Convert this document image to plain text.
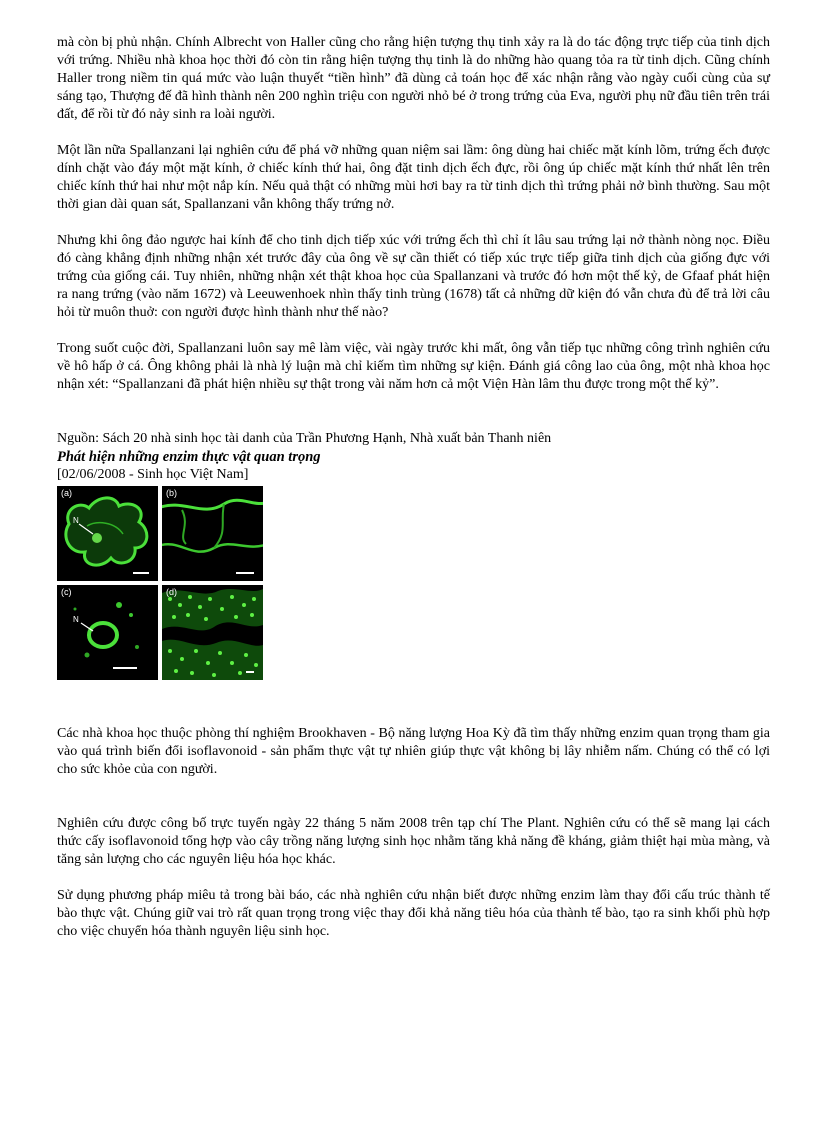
mà còn bị phủ nhận. Chính Albrecht von Haller cũng cho rằng hiện tượng thụ tinh xảy ra là do tác động trực tiếp của tinh dịch với trứng. Nhiều nhà khoa học thời đó còn tin rằng hiện tượng thụ tinh là do những hào quang tỏa ra từ tinh dịch. Cũng chính Haller trong niềm tin quá mức vào luận thuyết “tiền hình” đã dùng cả toán học để xác nhận rằng vào ngày cuối cùng của sự sáng tạo, Thượng đế đã hình thành nên 200 nghìn triệu con người nhỏ bé ở trong trứng của Eva, người phụ nữ đầu tiên trên trái đất, để rồi từ đó nảy sinh ra loài người.

Một lần nữa Spallanzani lại nghiên cứu để phá vỡ những quan niệm sai lầm: ông dùng hai chiếc mặt kính lõm, trứng ếch được dính chặt vào đáy một mặt kính, ở chiếc kính thứ hai, ông đặt tinh dịch ếch đực, rồi ông úp chiếc mặt kính thứ nhất lên trên chiếc kính thứ hai như một nắp kín. Nếu quả thật có những mùi hơi bay ra từ tinh dịch thì trứng phải nở bình thường. Sau một thời gian dài quan sát, Spallanzani vẫn không thấy trứng nở.

Nhưng khi ông đảo ngược hai kính để cho tinh dịch tiếp xúc với trứng ếch thì chỉ ít lâu sau trứng lại nở thành nòng nọc. Điều đó càng khẳng định những nhận xét trước đây của ông về sự cần thiết có tiếp xúc trực tiếp giữa tinh dịch của giống đực với trứng của giống cái. Tuy nhiên, những nhận xét thật khoa học của Spallanzani và trước đó hơn một thế kỷ, de Gfaaf phát hiện ra nang trứng (vào năm 1672) và Leeuwenhoek nhìn thấy tinh trùng (1678) tất cả những dữ kiện đó vẫn chưa đủ để trả lời câu hỏi từ muôn thuở: con người được hình thành như thế nào?

Trong suốt cuộc đời, Spallanzani luôn say mê làm việc, vài ngày trước khi mất, ông vẫn tiếp tục những công trình nghiên cứu về hô hấp ở cá. Ông không phải là nhà lý luận mà chỉ kiếm tìm những sự kiện. Đánh giá công lao của ông, một nhà khoa học nhận xét: “Spallanzani đã phát hiện nhiều sự thật trong vài năm hơn cả một Viện Hàn lâm thu được trong một thế kỷ”.

Nguồn: Sách 20 nhà sinh học tài danh của Trần Phương Hạnh, Nhà xuất bản Thanh niên

Phát hiện những enzim thực vật quan trọng

[02/06/2008 - Sinh học Việt Nam]

(a)
N
(b)
(c)
N
(d)

Các nhà khoa học thuộc phòng thí nghiệm Brookhaven - Bộ năng lượng Hoa Kỳ đã tìm thấy những enzim quan trọng tham gia vào quá trình biến đổi isoflavonoid - sản phẩm thực vật tự nhiên giúp thực vật không bị lây nhiễm nấm. Chúng có thể có lợi cho sức khỏe của con người.

Nghiên cứu được công bố trực tuyến ngày 22 tháng 5 năm 2008 trên tạp chí The Plant. Nghiên cứu có thể sẽ mang lại cách thức cấy isoflavonoid tổng hợp vào cây trồng năng lượng sinh học nhằm tăng khả năng đề kháng, giảm thiệt hại mùa màng, và tăng sản lượng cho các nguyên liệu hóa học khác.

Sử dụng phương pháp miêu tả trong bài báo, các nhà nghiên cứu nhận biết được những enzim làm thay đổi cấu trúc thành tế bào thực vật. Chúng giữ vai trò rất quan trọng trong việc thay đổi khả năng tiêu hóa của thành tế bào, tạo ra sinh khối phù hợp cho việc chuyển hóa thành nguyên liệu sinh học.
